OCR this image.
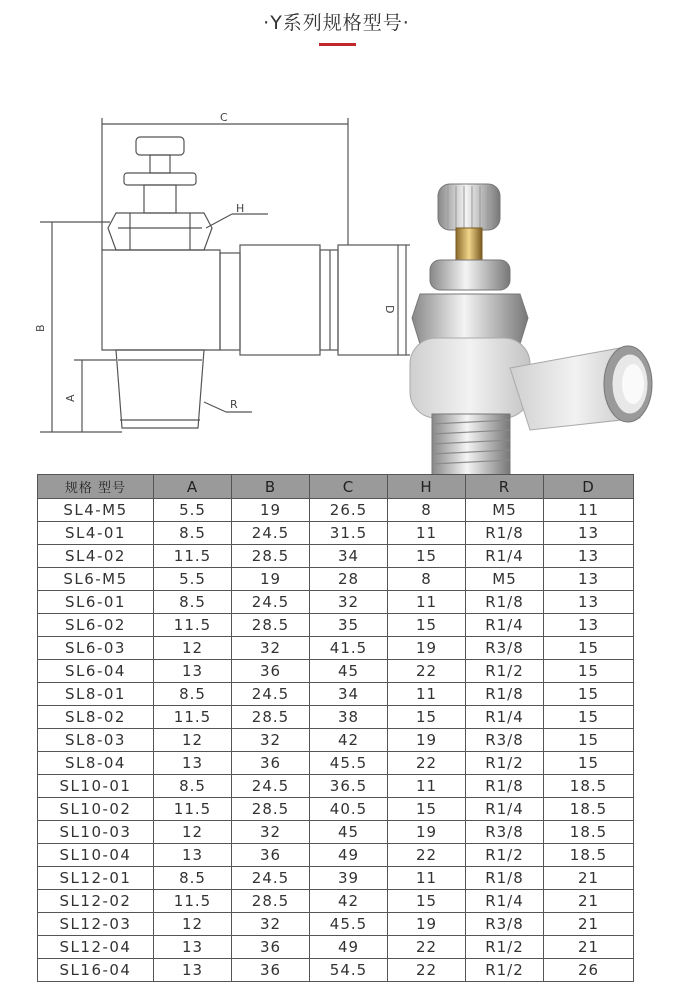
·Y系列规格型号·
C
H
B
D
A	R
规格 型号	A	B	C	H	R	D
SL4-M5	5.5	19	26.5	8	M5	11
SL4-01	8.5	24.5	31.5	11	R1/8	13
SL4-02	11.5	28.5	34	15	R1/4	13
SL6-M5	5.5	19	28	8	M5	13
SL6-01	8.5	24.5	32	11	R1/8	13
SL6-02	11.5	28.5	35	15	R1/4	13
SL6-03	12	32	41.5	19	R3/8	15
SL6-04	13	36	45	22	R1/2	15
SL8-01	8.5	24.5	34	11	R1/8	15
SL8-02	11.5	28.5	38	15	R1/4	15
SL8-03	12	32	42	19	R3/8	15
SL8-04	13	36	45.5	22	R1/2	15
SL10-01	8.5	24.5	36.5	11	R1/8	18.5
SL10-02	11.5	28.5	40.5	15	R1/4	18.5
SL10-03	12	32	45	19	R3/8	18.5
SL10-04	13	36	49	22	R1/2	18.5
SL12-01	8.5	24.5	39	11	R1/8	21
SL12-02	11.5	28.5	42	15	R1/4	21
SL12-03	12	32	45.5	19	R3/8	21
SL12-04	13	36	49	22	R1/2	21
SL16-04	13	36	54.5	22	R1/2	26
